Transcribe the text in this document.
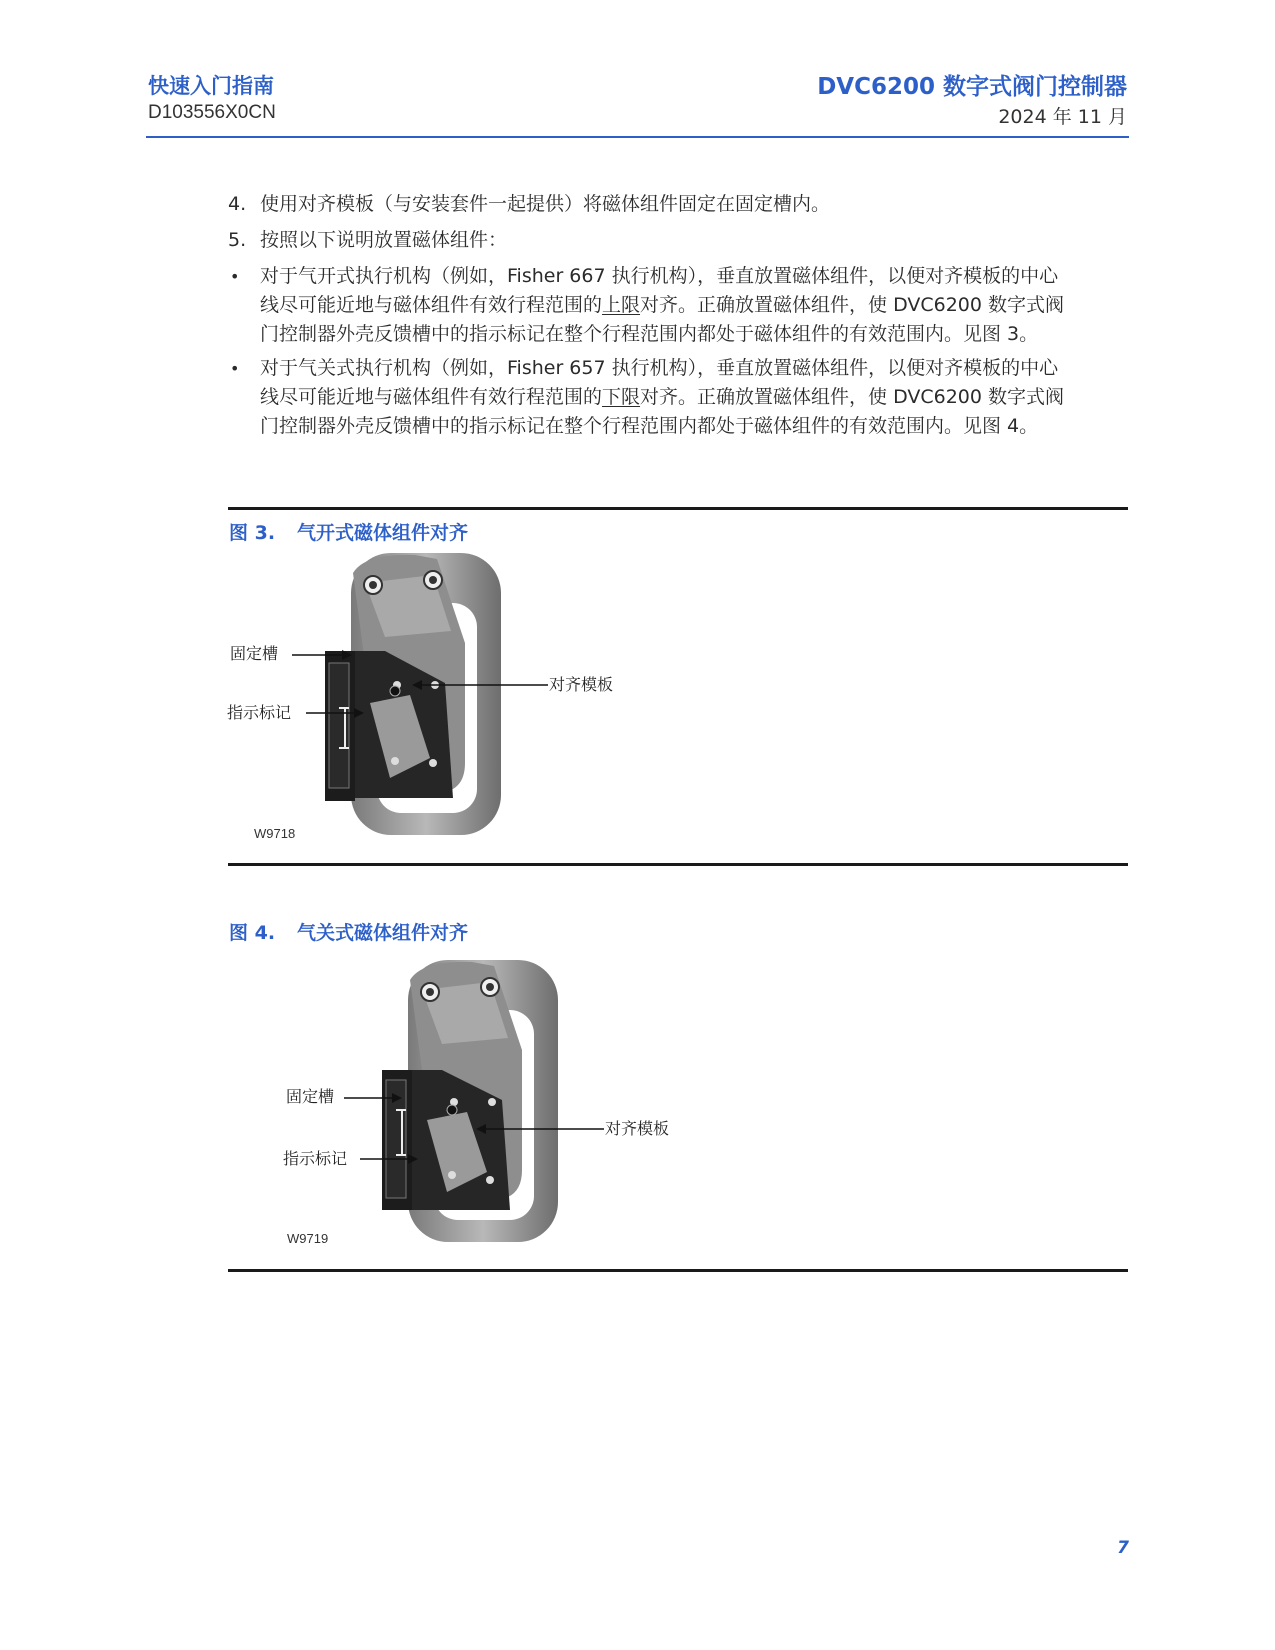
快速入门指南
D103556X0CN
DVC6200 数字式阀门控制器
2024 年 11 月
4. 使用对齐模板（与安装套件一起提供）将磁体组件固定在固定槽内。
5. 按照以下说明放置磁体组件：
•	对于气开式执行机构（例如，Fisher 667 执行机构），垂直放置磁体组件，以便对齐模板的中心
线尽可能近地与磁体组件有效行程范围的上限对齐。正确放置磁体组件，使 DVC6200 数字式阀
门控制器外壳反馈槽中的指示标记在整个行程范围内都处于磁体组件的有效范围内。见图 3。
•	对于气关式执行机构（例如，Fisher 657 执行机构），垂直放置磁体组件，以便对齐模板的中心
线尽可能近地与磁体组件有效行程范围的下限对齐。正确放置磁体组件，使 DVC6200 数字式阀
门控制器外壳反馈槽中的指示标记在整个行程范围内都处于磁体组件的有效范围内。见图 4。
图 3. 气开式磁体组件对齐
固定槽
指示标记
对齐模板
W9718
图 4. 气关式磁体组件对齐
固定槽
指示标记
对齐模板
W9719
7
